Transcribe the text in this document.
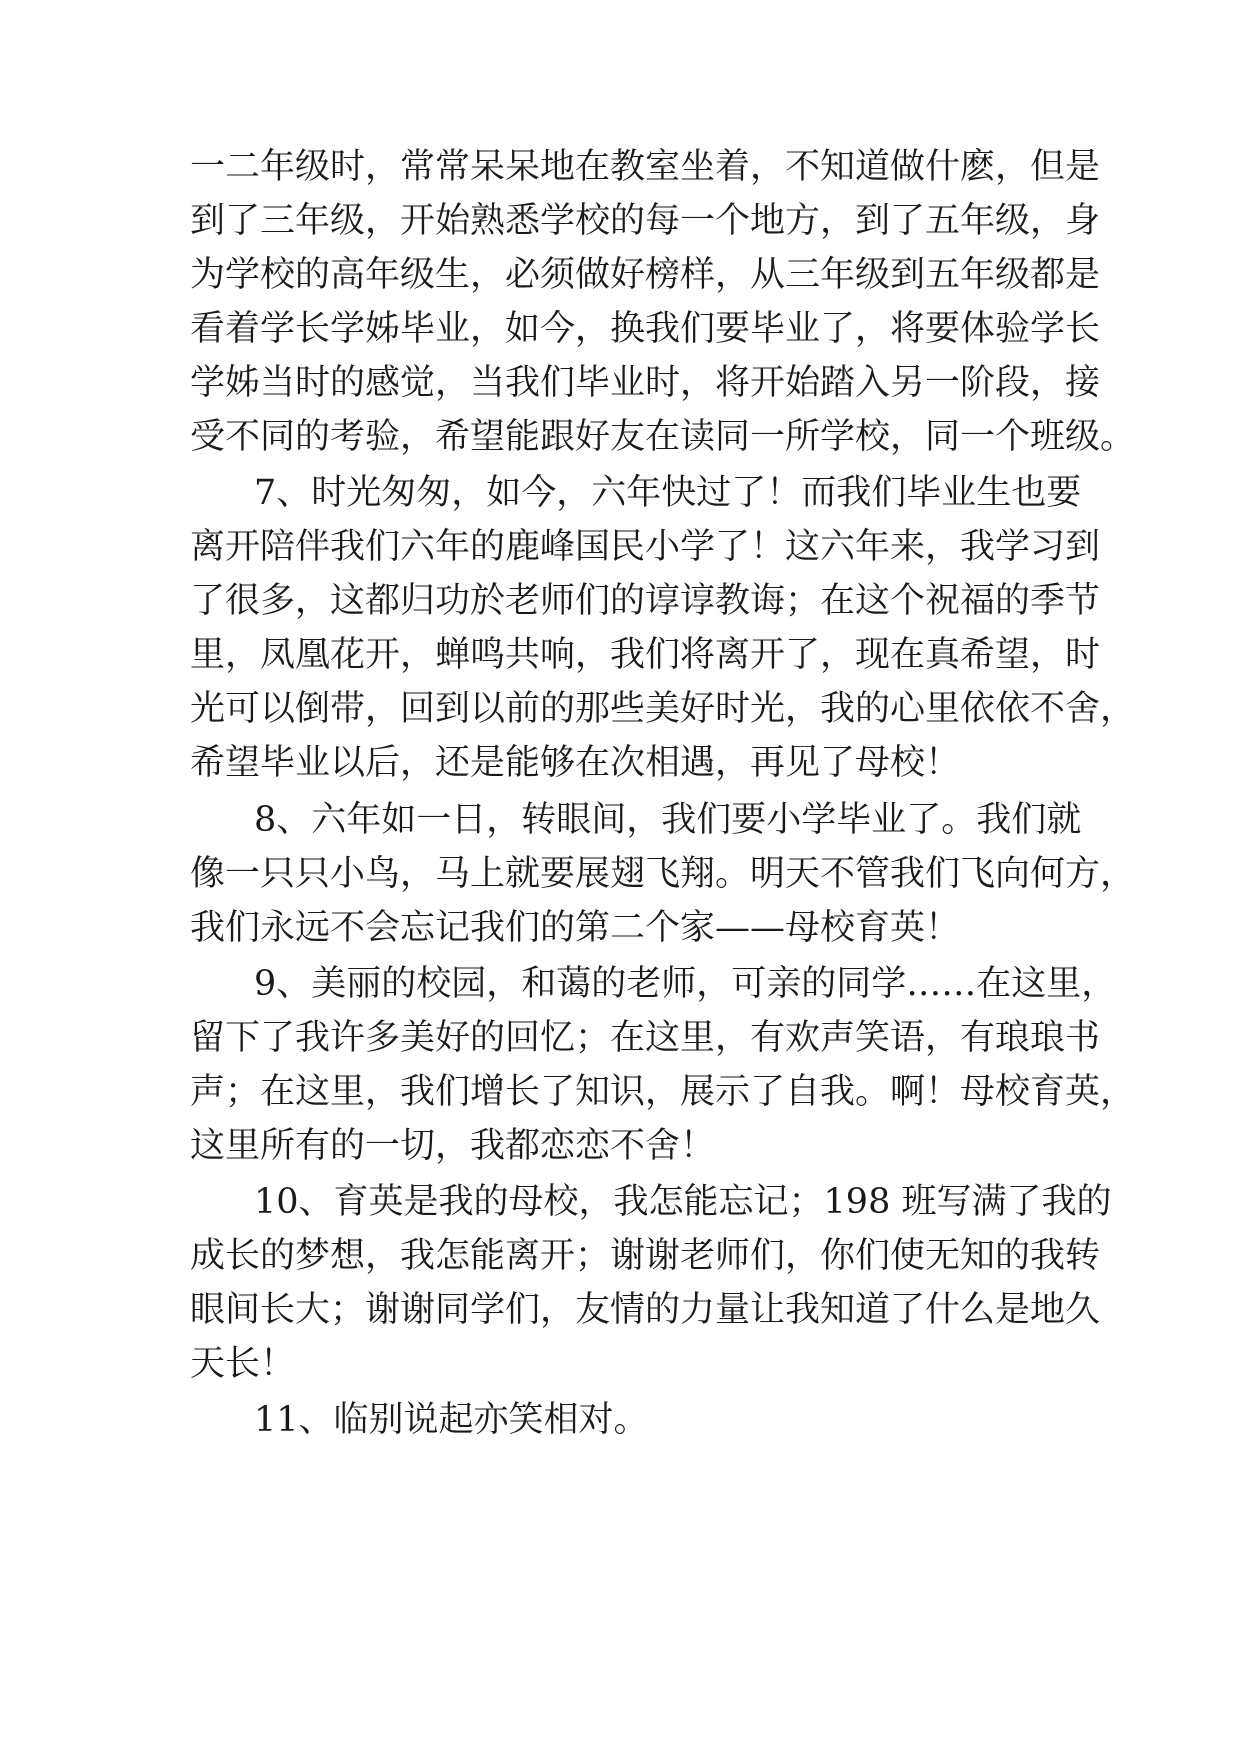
一二年级时，常常呆呆地在教室坐着，不知道做什麽，但是
到了三年级，开始熟悉学校的每一个地方，到了五年级，身
为学校的高年级生，必须做好榜样，从三年级到五年级都是
看着学长学姊毕业，如今，换我们要毕业了，将要体验学长
学姊当时的感觉，当我们毕业时，将开始踏入另一阶段，接
受不同的考验，希望能跟好友在读同一所学校，同一个班级。
7、时光匆匆，如今，六年快过了！而我们毕业生也要
离开陪伴我们六年的鹿峰国民小学了！这六年来，我学习到
了很多，这都归功於老师们的谆谆教诲；在这个祝福的季节
里，凤凰花开，蝉鸣共响，我们将离开了，现在真希望，时
光可以倒带，回到以前的那些美好时光，我的心里依依不舍，
希望毕业以后，还是能够在次相遇，再见了母校！
8、六年如一日，转眼间，我们要小学毕业了。我们就
像一只只小鸟，马上就要展翅飞翔。明天不管我们飞向何方，
我们永远不会忘记我们的第二个家——母校育英！
9、美丽的校园，和蔼的老师，可亲的同学……在这里，
留下了我许多美好的回忆；在这里，有欢声笑语，有琅琅书
声；在这里，我们增长了知识，展示了自我。啊！母校育英，
这里所有的一切，我都恋恋不舍！
10、育英是我的母校，我怎能忘记；198 班写满了我的
成长的梦想，我怎能离开；谢谢老师们，你们使无知的我转
眼间长大；谢谢同学们，友情的力量让我知道了什么是地久
天长！
11、临别说起亦笑相对。
